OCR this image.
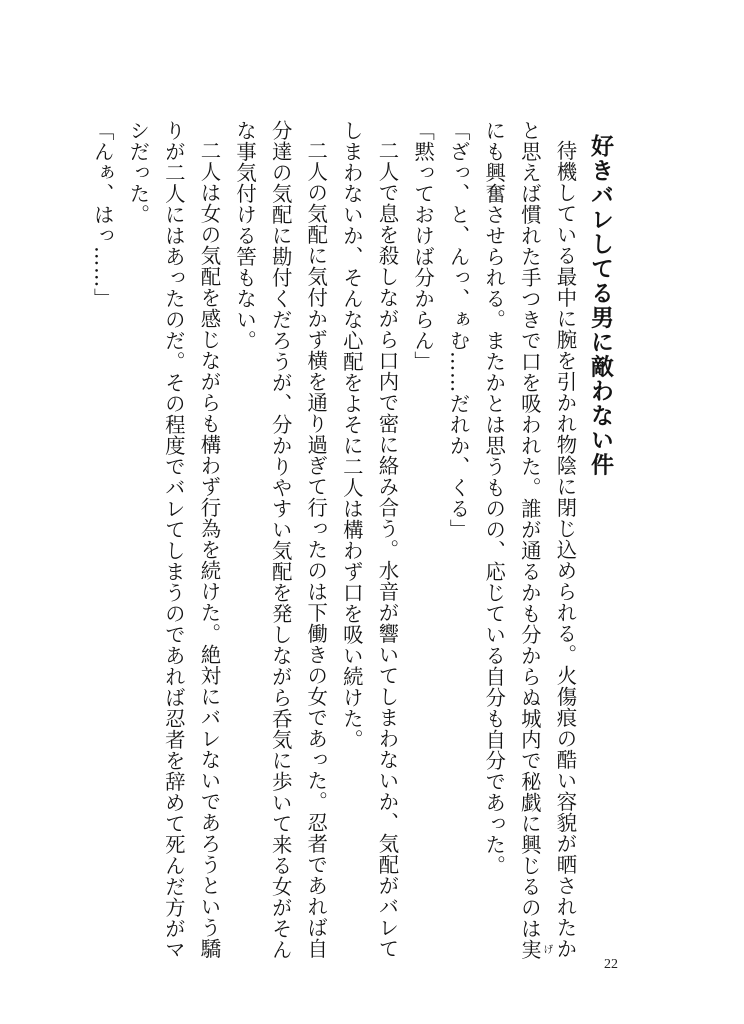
好きバレしてる男に敵わない件

待機している最中に腕を引かれ物陰に閉じ込められる。火傷痕の酷い容貌が晒されたかと思えば慣れた手つきで口を吸われた。誰が通るかも分からぬ城内で秘戯に興じるのは実 げにも興奮させられる。またかとは思うものの、応じている自分も自分であった。

「ざっ、と、んっ、ぁむ……だれか、くる」

「黙っておけば分からん」

二人で息を殺しながら口内で密に絡み合う。水音が響いてしまわないか、気配がバレてしまわないか、そんな心配をよそに二人は構わず口を吸い続けた。

二人の気配に気付かず横を通り過ぎて行ったのは下働きの女であった。忍者であれば自分達の気配に勘付くだろうが、分かりやすい気配を発しながら呑気に歩いて来る女がそんな事気付ける筈もない。

二人は女の気配を感じながらも構わず行為を続けた。絶対にバレないであろうという驕りが二人にはあったのだ。その程度でバレてしまうのであれば忍者を辞めて死んだ方がマシだった。

「んぁ、はっ……」

22
